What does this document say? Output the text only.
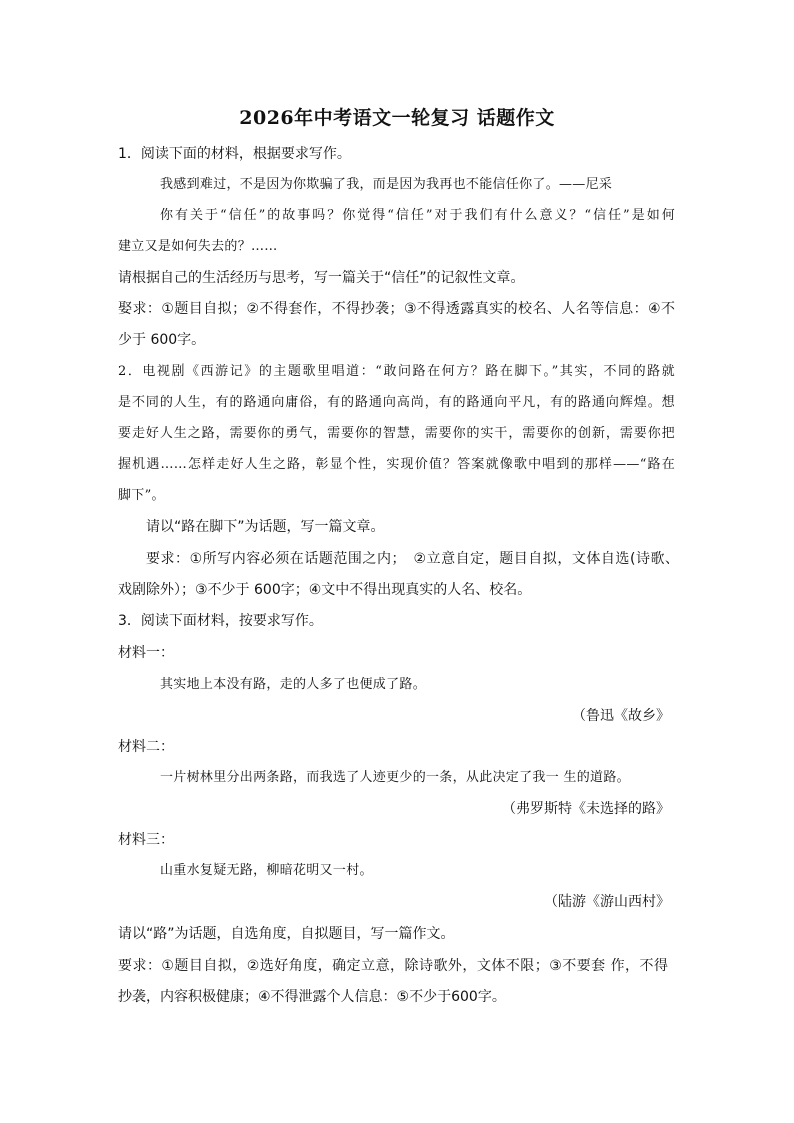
2026年中考语文一轮复习 话题作文
1．阅读下面的材料，根据要求写作。
我感到难过，不是因为你欺骗了我，而是因为我再也不能信任你了。——尼采
你有关于“信任”的故事吗？你觉得“信任”对于我们有什么意义？“信任”是如何
建立又是如何失去的？……
请根据自己的生活经历与思考，写一篇关于“信任”的记叙性文章。
娶求：①题目自拟；②不得套作，不得抄袭；③不得透露真实的校名、人名等信息：④不
少于 600字。
2．电视剧《西游记》的主题歌里唱道：“敢问路在何方？路在脚下。”其实，不同的路就
是不同的人生，有的路通向庸俗，有的路通向高尚，有的路通向平凡，有的路通向辉煌。想
要走好人生之路，需要你的勇气，需要你的智慧，需要你的实干，需要你的创新，需要你把
握机遇……怎样走好人生之路，彰显个性，实现价值？答案就像歌中唱到的那样——“路在
脚下”。
请以“路在脚下”为话题，写一篇文章。
要求：①所写内容必须在话题范围之内；　②立意自定，题目自拟，文体自选(诗歌、
戏剧除外）；③不少于 600字；④文中不得出现真实的人名、校名。
3．阅读下面材料，按要求写作。
材料一：
其实地上本没有路，走的人多了也便成了路。
（鲁迅《故乡》
材料二：
一片树林里分出两条路，而我选了人迹更少的一条，从此决定了我一 生的道路。
（弗罗斯特《未选择的路》
材料三：
山重水复疑无路，柳暗花明又一村。
（陆游《游山西村》
请以“路”为话题，自选角度，自拟题目，写一篇作文。
要求：①题目自拟，②选好角度，确定立意，除诗歌外，文体不限；③不要套 作，不得
抄袭，内容积极健康；④不得泄露个人信息：⑤不少于600字。
